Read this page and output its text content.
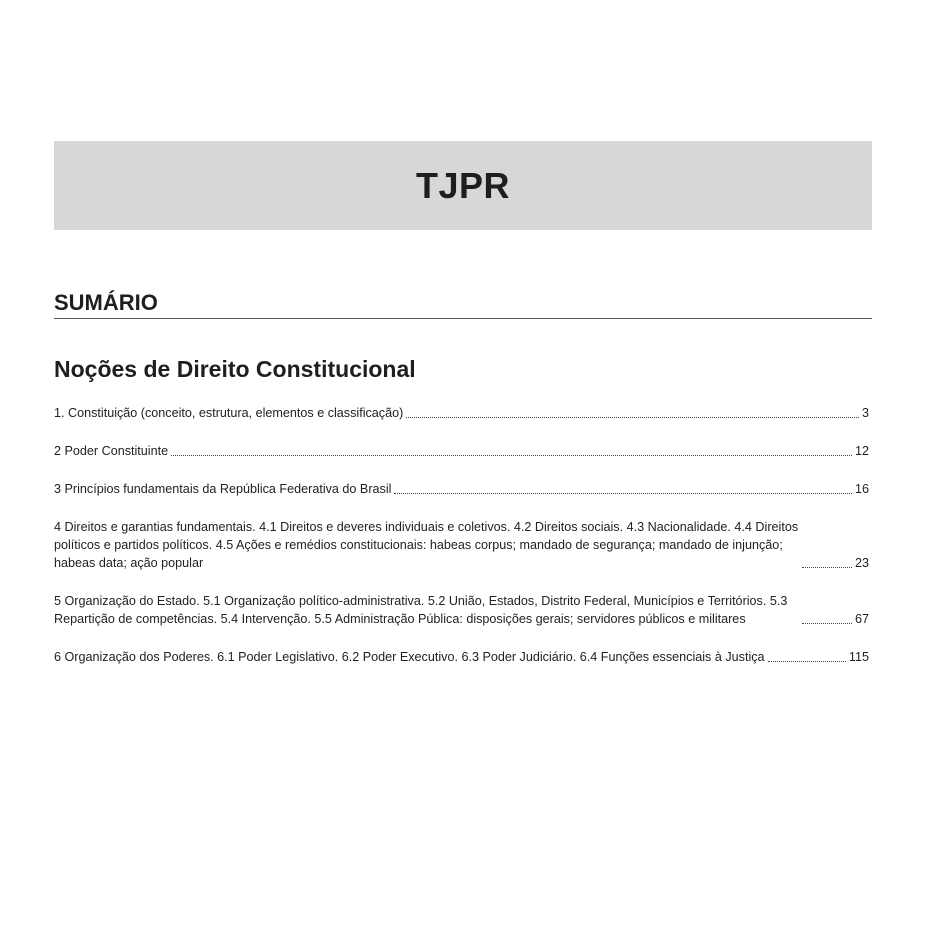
TJPR
SUMÁRIO
Noções de Direito Constitucional
1. Constituição (conceito, estrutura, elementos e classificação)	3
2 Poder Constituinte	12
3 Princípios fundamentais da República Federativa do Brasil	16
4 Direitos e garantias fundamentais. 4.1 Direitos e deveres individuais e coletivos. 4.2 Direitos sociais. 4.3 Nacionalidade. 4.4 Direitos políticos e partidos políticos. 4.5 Ações e remédios constitucionais: habeas corpus; mandado de segurança; mandado de injunção; habeas data; ação popular	23
5 Organização do Estado. 5.1 Organização político-administrativa. 5.2 União, Estados, Distrito Federal, Municípios e Territórios. 5.3 Repartição de competências. 5.4 Intervenção. 5.5 Administração Pública: disposições gerais; servidores públicos e militares	67
6 Organização dos Poderes. 6.1 Poder Legislativo. 6.2 Poder Executivo. 6.3 Poder Judiciário. 6.4 Funções essenciais à Justiça	115
